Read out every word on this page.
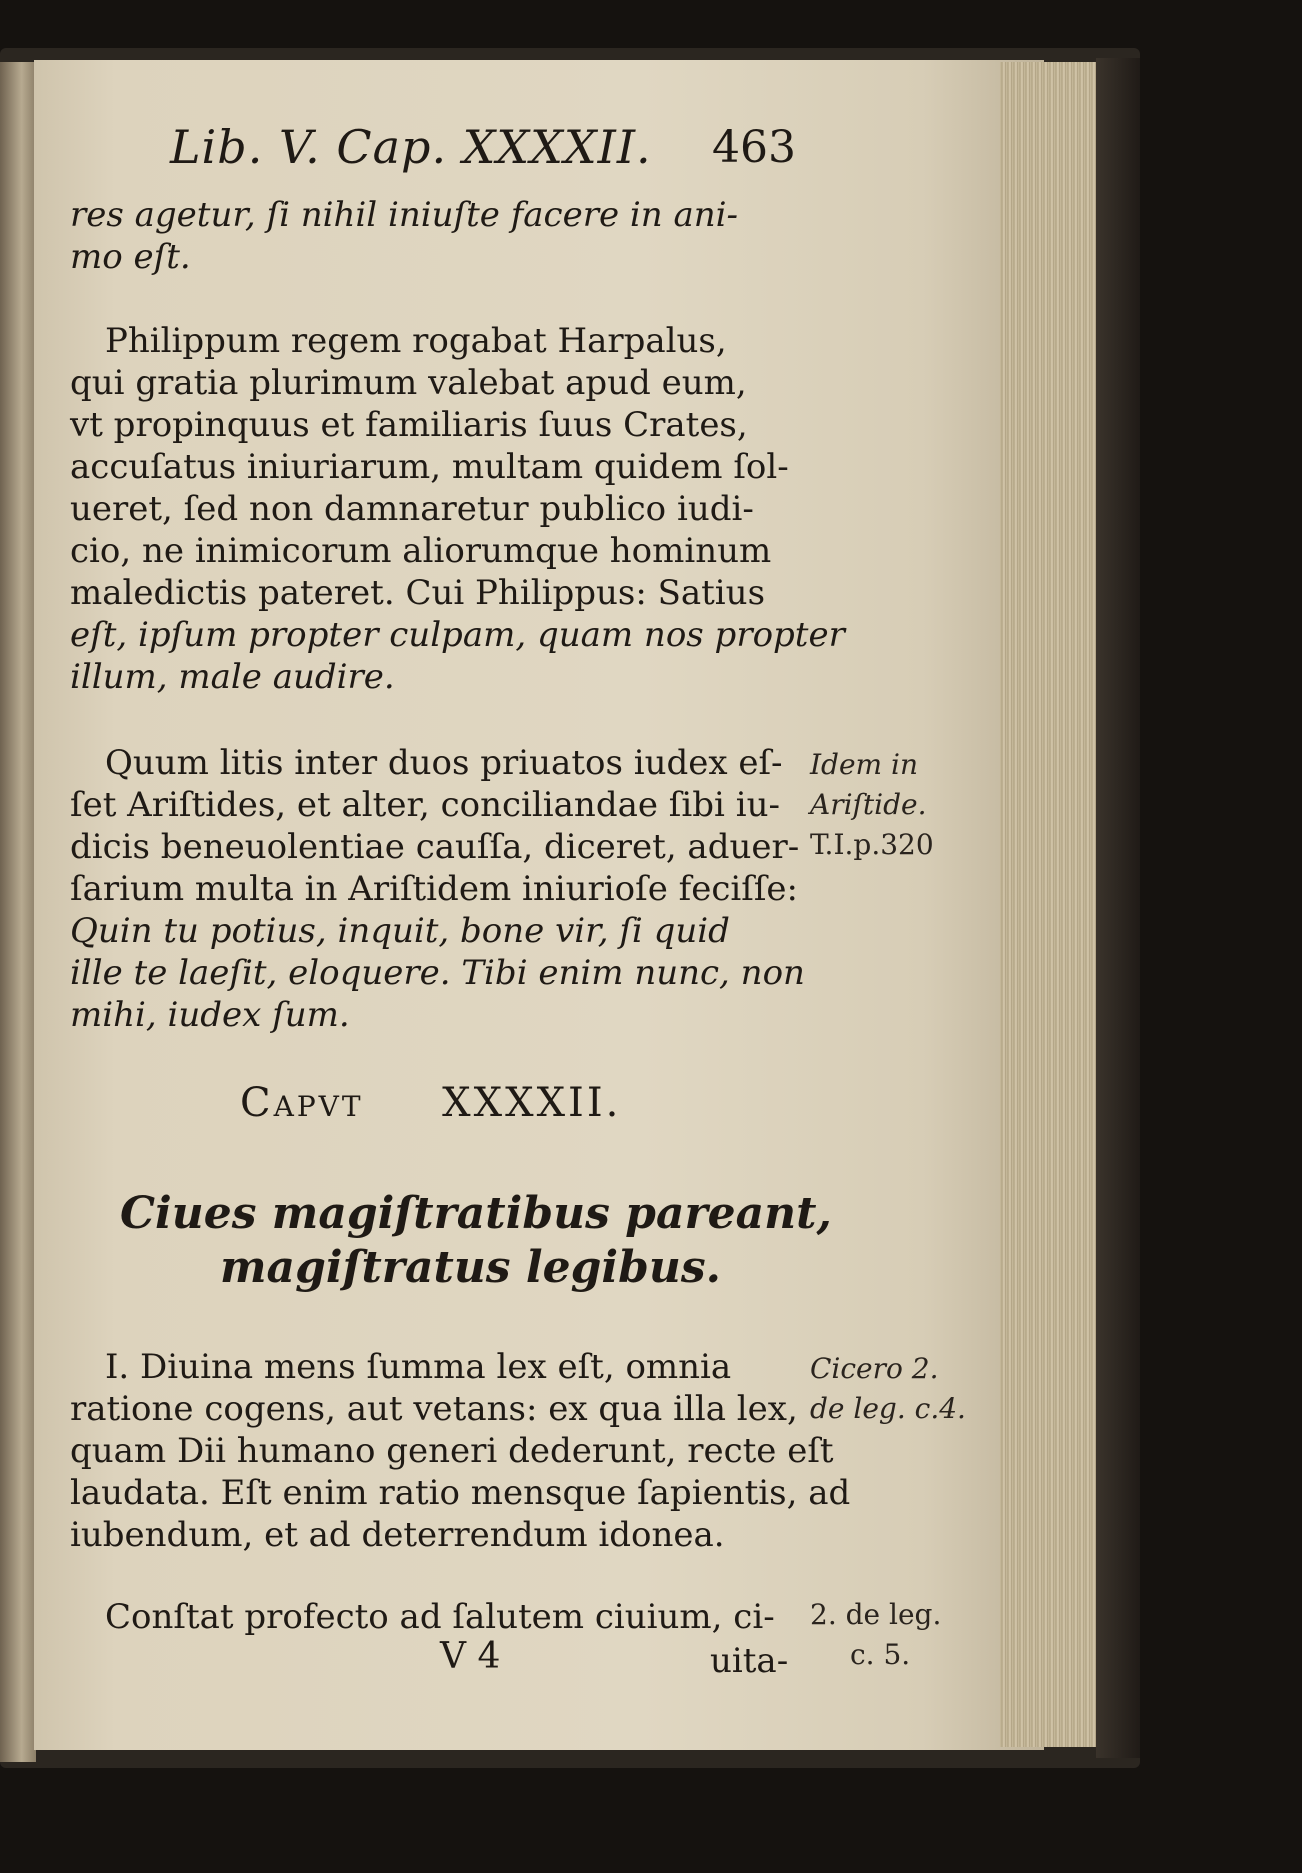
Lib. V. Cap. XXXXII. 463
res agetur, ſi nihil iniuſte facere in ani-
mo eſt.
Philippum regem rogabat Harpalus,
qui gratia plurimum valebat apud eum,
vt propinquus et familiaris ſuus Crates,
accuſatus iniuriarum, multam quidem ſol-
ueret, ſed non damnaretur publico iudi-
cio, ne inimicorum aliorumque hominum
maledictis pateret. Cui Philippus: Satius
eſt, ipſum propter culpam, quam nos propter
illum, male audire.
Quum litis inter duos priuatos iudex eſ-
ſet Ariſtides, et alter, conciliandae ſibi iu-
dicis beneuolentiae cauſſa, diceret, aduer-
ſarium multa in Ariſtidem iniurioſe feciſſe:
Quin tu potius, inquit, bone vir, ſi quid
ille te laeſit, eloquere. Tibi enim nunc, non
mihi, iudex ſum.
Idem in
Ariſtide.
T.I.p.320
Capvt XXXXII.
Ciues magiſtratibus pareant,
magiſtratus legibus.
I. Diuina mens ſumma lex eſt, omnia
ratione cogens, aut vetans: ex qua illa lex,
quam Dii humano generi dederunt, recte eſt
laudata. Eſt enim ratio mensque ſapientis, ad
iubendum, et ad deterrendum idonea.
Cicero 2.
de leg. c.4.
Conſtat profecto ad ſalutem ciuium, ci- 2. de leg.
c. 5.
V 4	uita-
